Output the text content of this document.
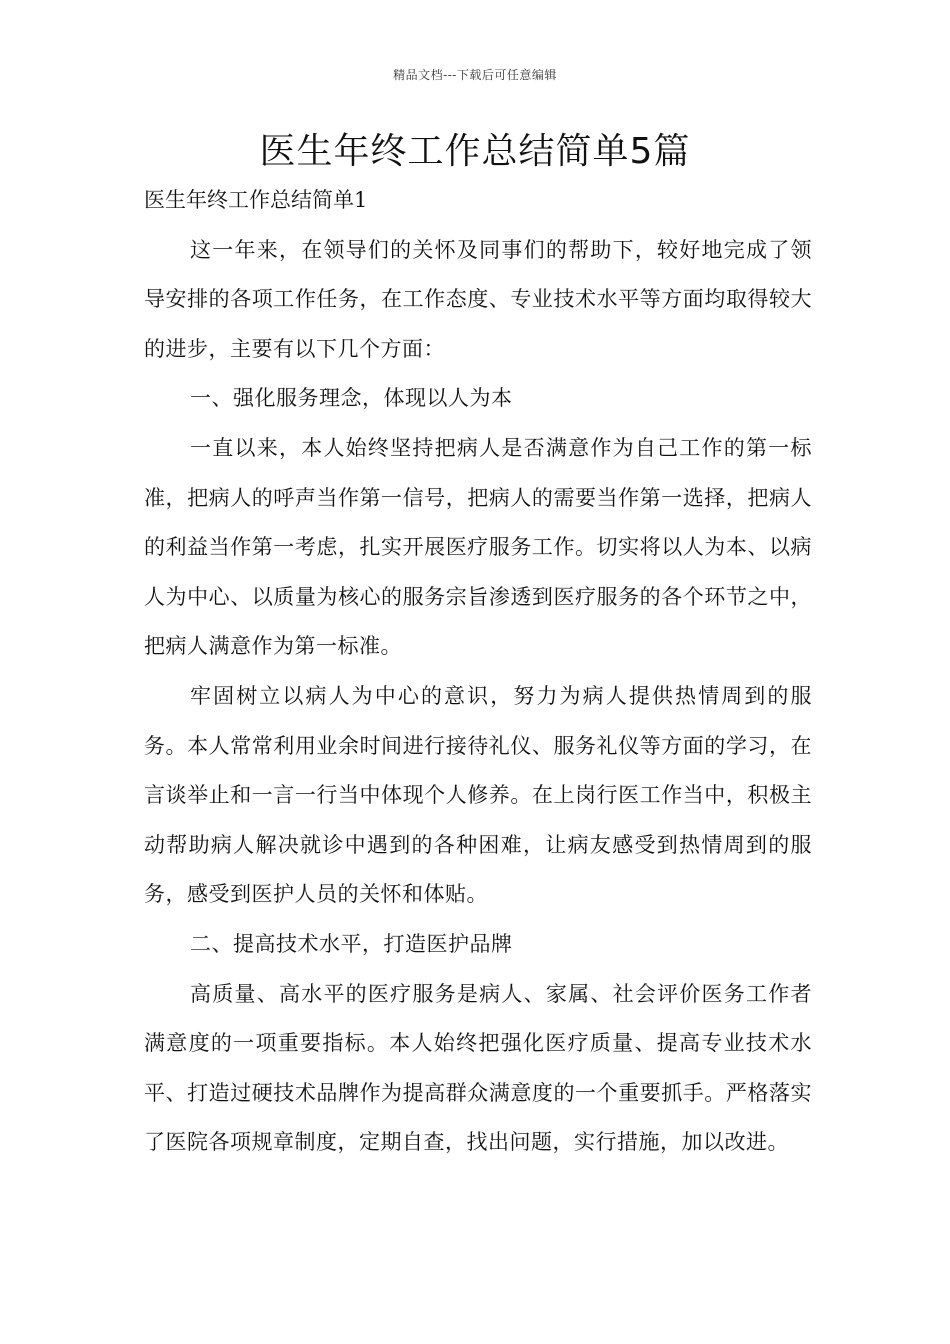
精品文档---下载后可任意编辑
医生年终工作总结简单5篇

医生年终工作总结简单1

这一年来，在领导们的关怀及同事们的帮助下，较好地完成了领导安排的各项工作任务，在工作态度、专业技术水平等方面均取得较大的进步，主要有以下几个方面：

一、强化服务理念，体现以人为本

一直以来，本人始终坚持把病人是否满意作为自己工作的第一标准，把病人的呼声当作第一信号，把病人的需要当作第一选择，把病人的利益当作第一考虑，扎实开展医疗服务工作。切实将以人为本、以病人为中心、以质量为核心的服务宗旨渗透到医疗服务的各个环节之中，把病人满意作为第一标准。

牢固树立以病人为中心的意识，努力为病人提供热情周到的服务。本人常常利用业余时间进行接待礼仪、服务礼仪等方面的学习，在言谈举止和一言一行当中体现个人修养。在上岗行医工作当中，积极主动帮助病人解决就诊中遇到的各种困难，让病友感受到热情周到的服务，感受到医护人员的关怀和体贴。

二、提高技术水平，打造医护品牌

高质量、高水平的医疗服务是病人、家属、社会评价医务工作者满意度的一项重要指标。本人始终把强化医疗质量、提高专业技术水平、打造过硬技术品牌作为提高群众满意度的一个重要抓手。严格落实了医院各项规章制度，定期自查，找出问题，实行措施，加以改进。
